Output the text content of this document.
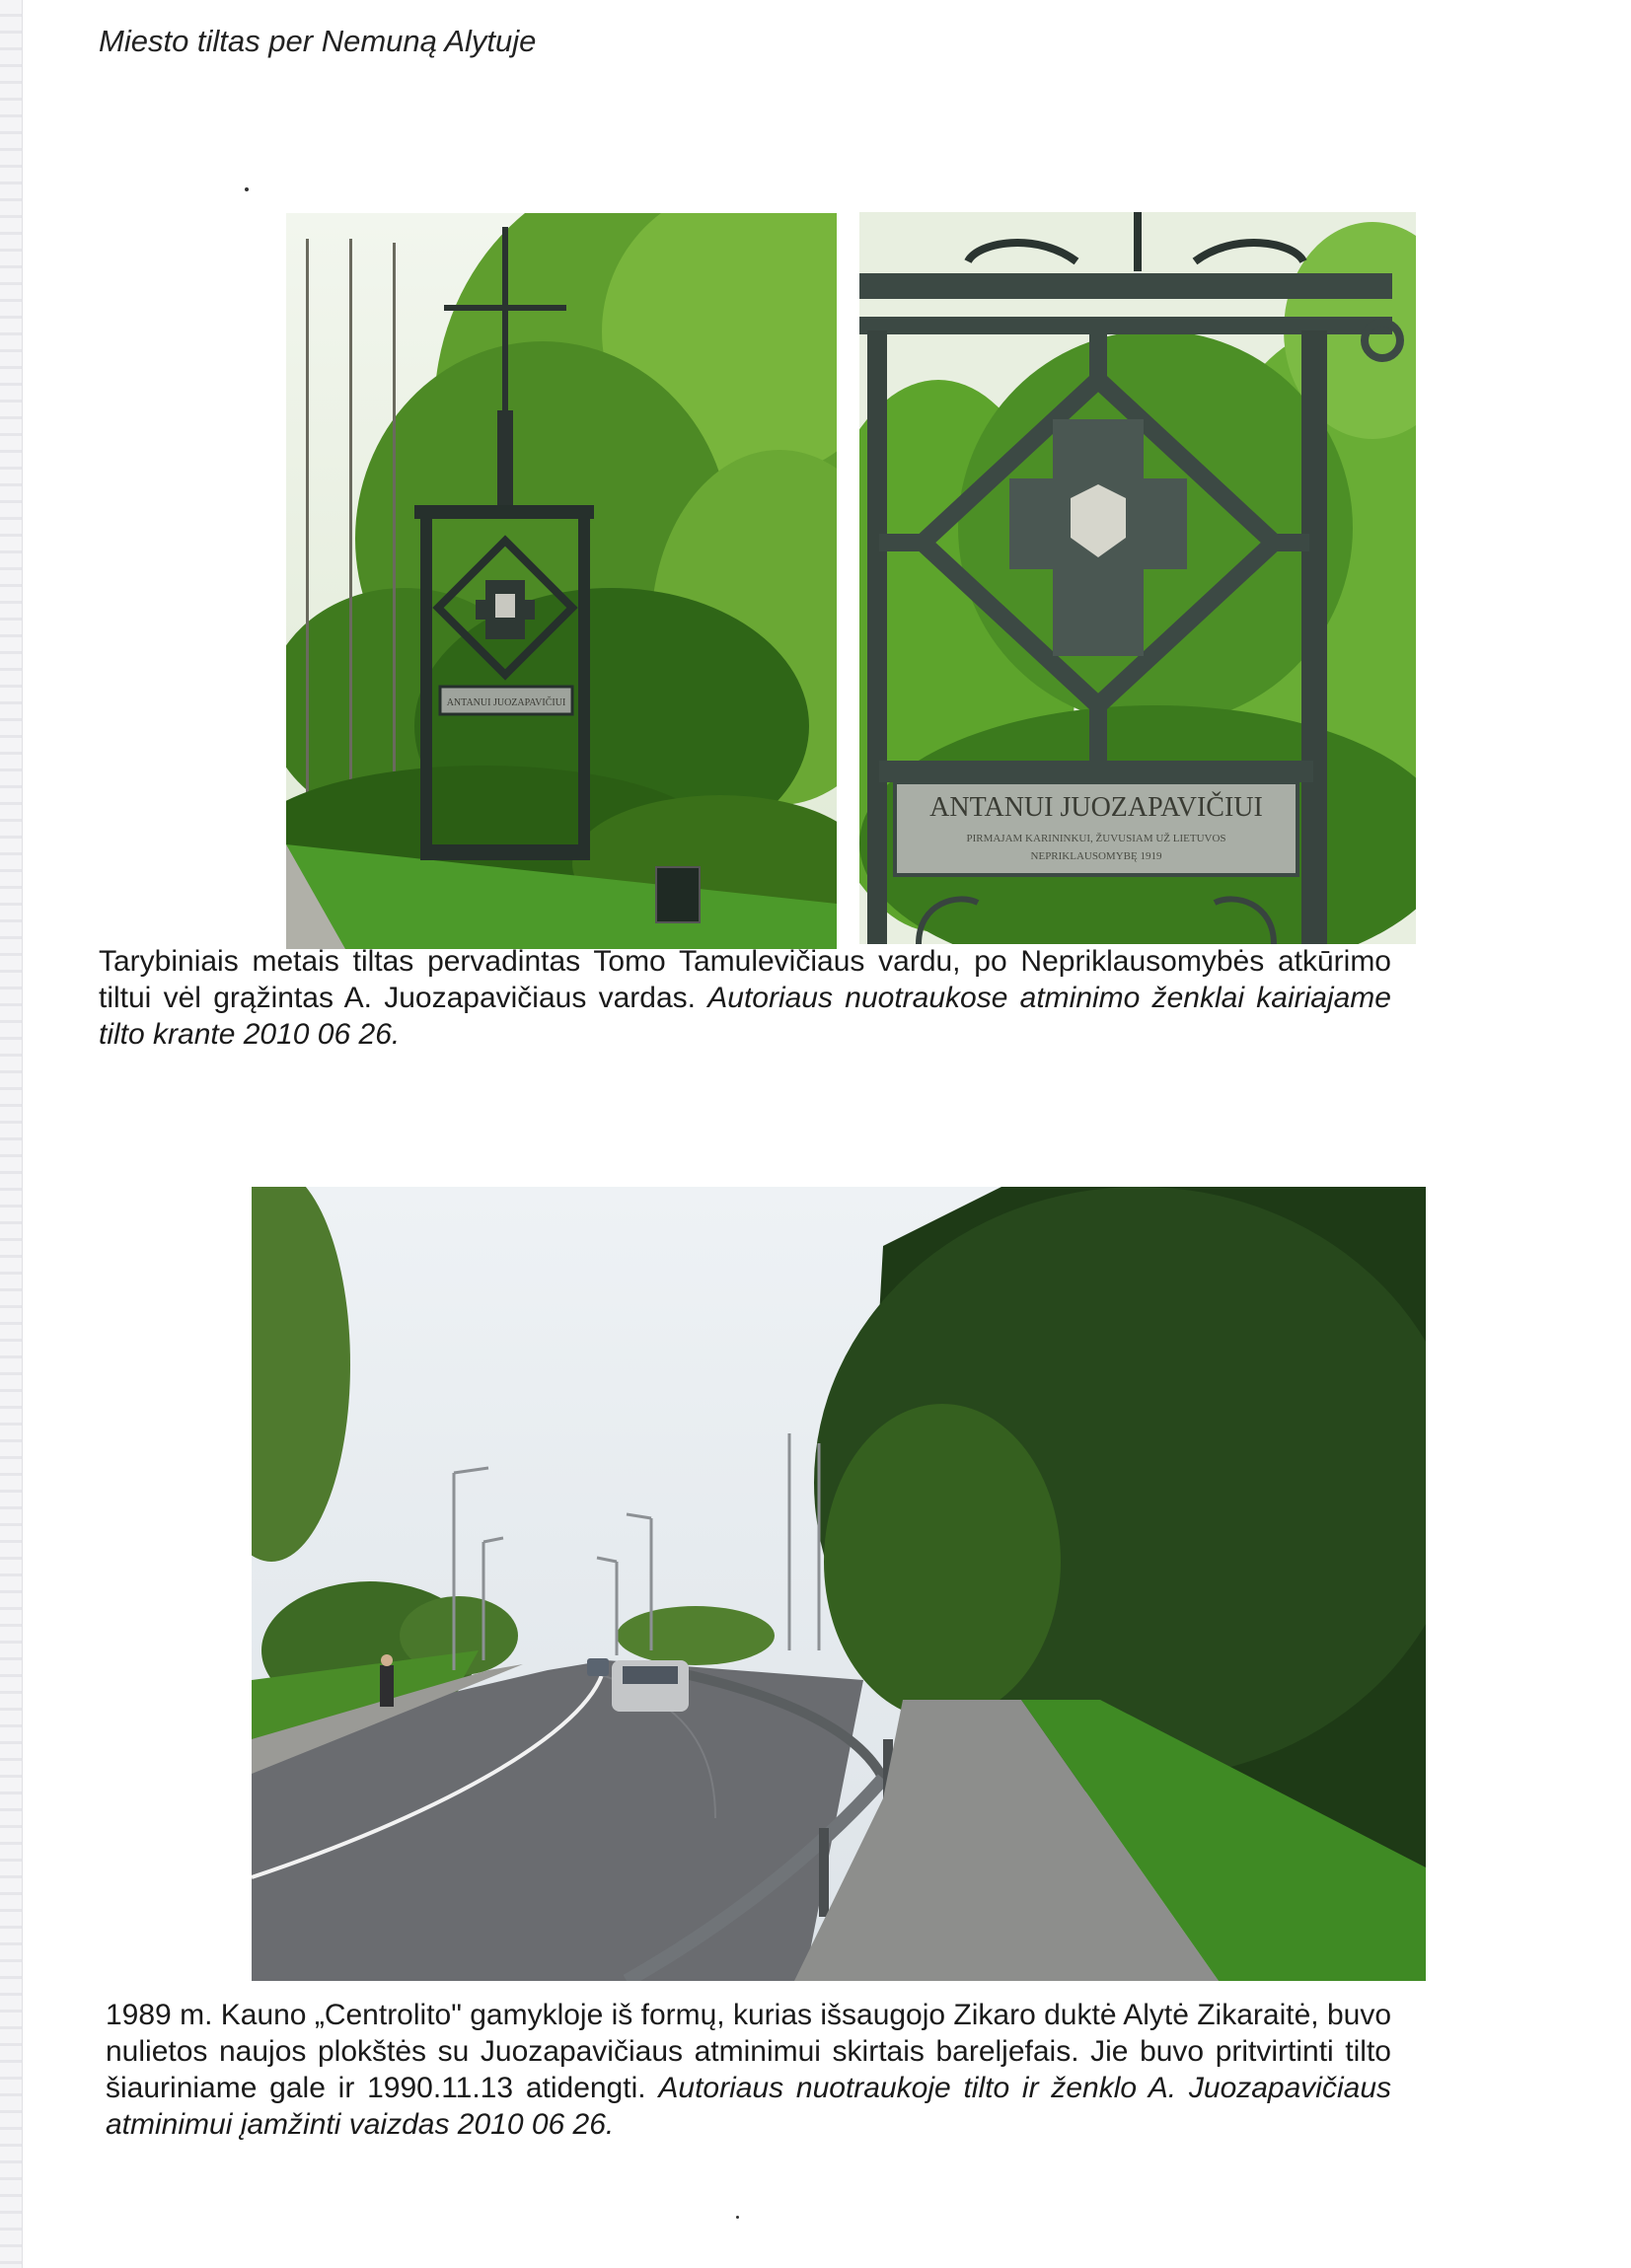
Miesto tiltas per Nemuną Alytuje
ANTANUI JUOZAPAVIČIUI
ANTANUI JUOZAPAVIČIUI
PIRMAJAM KARININKUI, ŽUVUSIAM UŽ LIETUVOS
NEPRIKLAUSOMYBĘ 1919
Tarybiniais metais tiltas pervadintas Tomo Tamulevičiaus vardu, po Nepriklausomybės atkūrimo tiltui vėl grąžintas A. Juozapavičiaus vardas. Autoriaus nuotraukose atminimo ženklai kairiajame tilto krante 2010 06 26.
1989 m. Kauno „Centrolito" gamykloje iš formų, kurias išsaugojo Zikaro duktė Alytė Zikaraitė, buvo nulietos naujos plokštės su Juozapavičiaus atminimui skirtais bareljefais. Jie buvo pritvirtinti tilto šiauriniame gale ir 1990.11.13 atidengti. Autoriaus nuotraukoje tilto ir ženklo A. Juozapavičiaus atminimui įamžinti vaizdas 2010 06 26.
